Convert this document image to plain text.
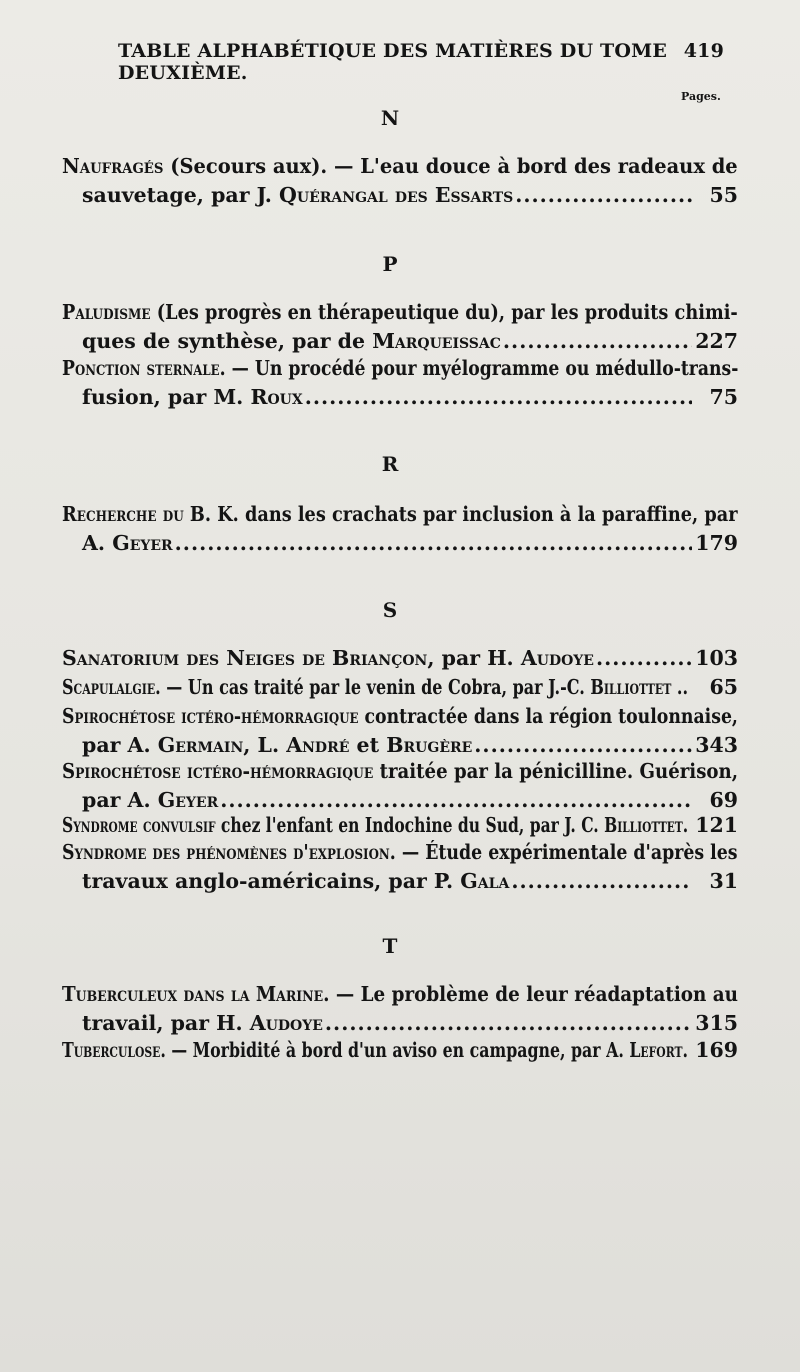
TABLE ALPHABÉTIQUE DES MATIÈRES DU TOME DEUXIÈME.
419
Pages.
N
Naufragés (Secours aux). — L'eau douce à bord des radeaux de
sauvetage, par J. Quérangal des Essarts .....	55
P
Paludisme (Les progrès en thérapeutique du), par les produits chimi-
ques de synthèse, par de Marqueissac .....	227
Ponction sternale. — Un procédé pour myélogramme ou médullo-trans-
fusion, par M. Roux .....	75
R
Recherche du B. K. dans les crachats par inclusion à la paraffine, par
A. Geyer .....	179
S
Sanatorium des Neiges de Briançon, par H. Audoye .....	103
Scapulalgie. — Un cas traité par le venin de Cobra, par J.-C. Billiottet ..	65
Spirochétose ictéro-hémorragique contractée dans la région toulonnaise,
par A. Germain, L. André et Brugère .....	343
Spirochétose ictéro-hémorragique traitée par la pénicilline. Guérison,
par A. Geyer .....	69
Syndrome convulsif chez l'enfant en Indochine du Sud, par J. C. Billiottet. 121
Syndrome des phénomènes d'explosion. — Étude expérimentale d'après les
travaux anglo-américains, par P. Gala .....	31
T
Tuberculeux dans la Marine. — Le problème de leur réadaptation au
travail, par H. Audoye .....	315
Tuberculose. — Morbidité à bord d'un aviso en campagne, par A. Lefort. 169
